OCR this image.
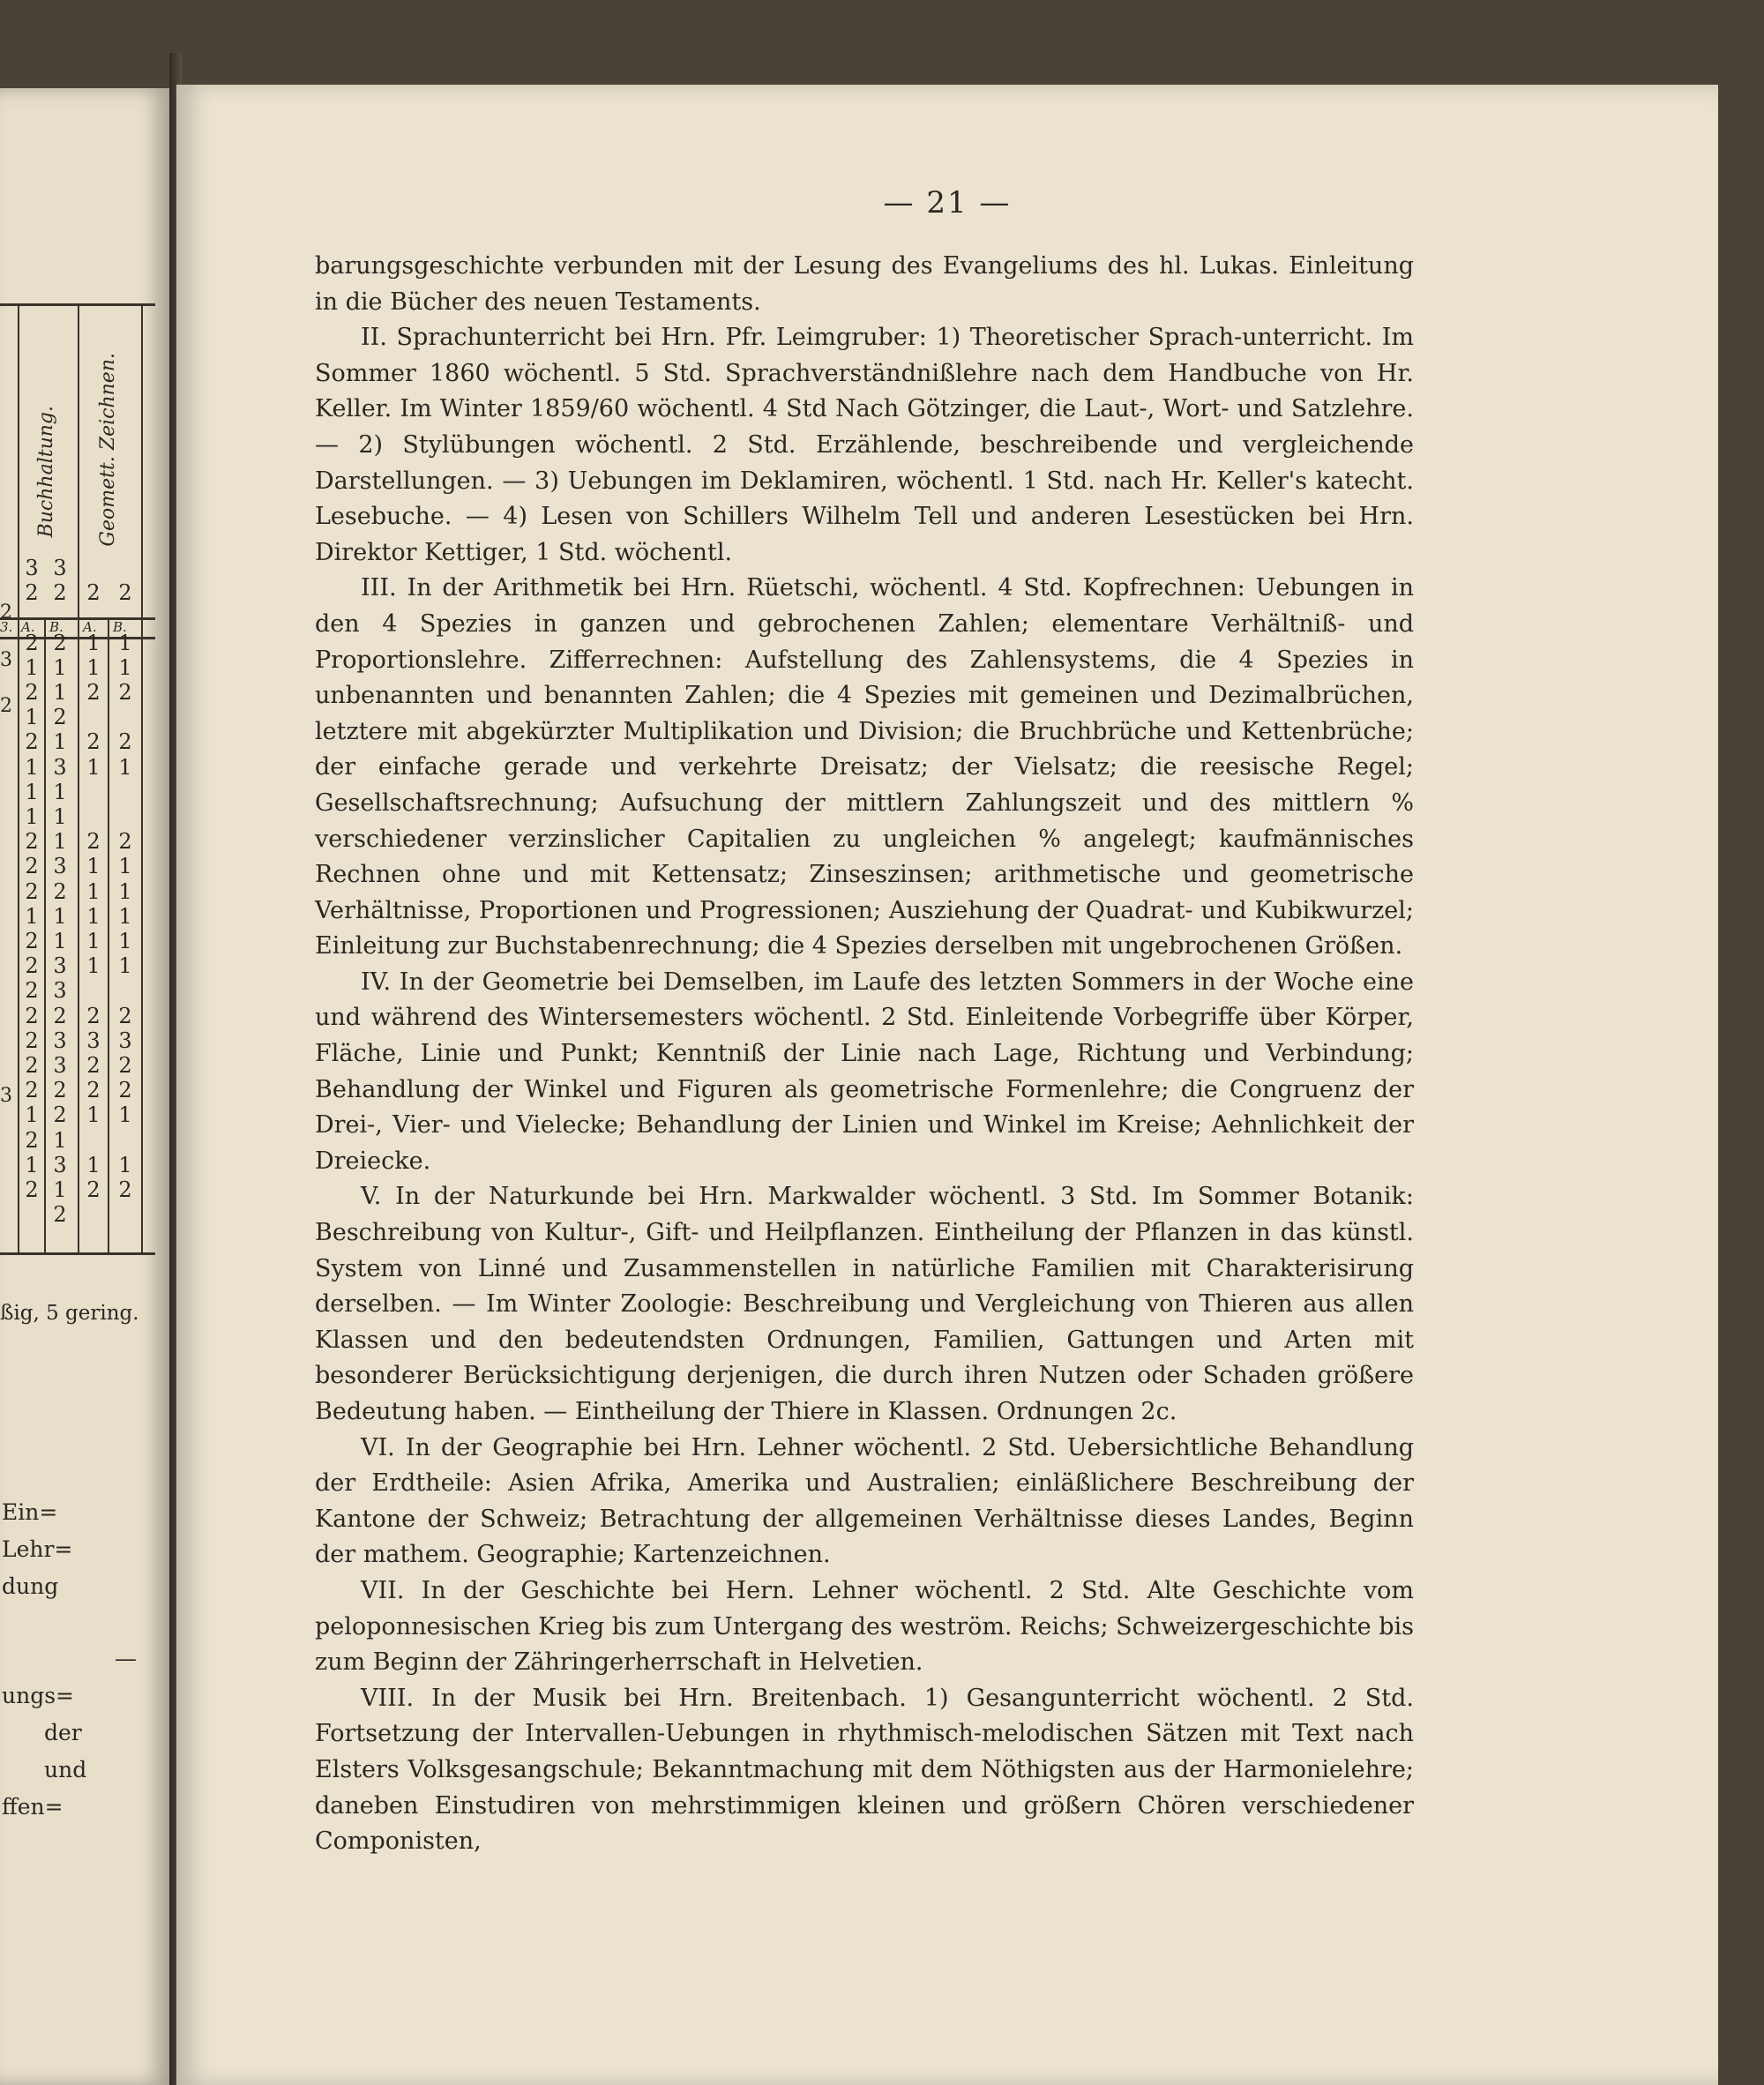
Buchhaltung. Geomett. Zeichnen.
3. A. B. A. B.
3
2

2
1
2
1
2
1
1
1
2
2
2
1
2
2
2
2
2
2
2
1
2
1
2
3
2

2
1
1
2
1
3
1
1
1
3
2
1
1
3
3
2
3
3
2
2
1
3
1
2

2

1
1
2

2
1

2
1
1
1
1
1

2
3
2
2
1

1
2

2

1
1
2

2
1

2
1
1
1
1
1

2
3
2
2
1

1
2
2
3
2
3
ßig, 5 gering.
Ein=
Lehr=
dung
—
ungs=
der
und
ffen=
— 21 —

barungsgeschichte verbunden mit der Lesung des Evangeliums des hl. Lukas. Einleitung in die Bücher des neuen Testaments.

II. Sprachunterricht bei Hrn. Pfr. Leimgruber: 1) Theoretischer Sprach-unterricht. Im Sommer 1860 wöchentl. 5 Std. Sprachverständnißlehre nach dem Handbuche von Hr. Keller. Im Winter 1859/60 wöchentl. 4 Std Nach Götzinger, die Laut-, Wort- und Satzlehre. — 2) Stylübungen wöchentl. 2 Std. Erzählende, beschreibende und vergleichende Darstellungen. — 3) Uebungen im Deklamiren, wöchentl. 1 Std. nach Hr. Keller's katecht. Lesebuche. — 4) Lesen von Schillers Wilhelm Tell und anderen Lesestücken bei Hrn. Direktor Kettiger, 1 Std. wöchentl.

III. In der Arithmetik bei Hrn. Rüetschi, wöchentl. 4 Std. Kopfrechnen: Uebungen in den 4 Spezies in ganzen und gebrochenen Zahlen; elementare Verhältniß- und Proportionslehre. Zifferrechnen: Aufstellung des Zahlensystems, die 4 Spezies in unbenannten und benannten Zahlen; die 4 Spezies mit gemeinen und Dezimalbrüchen, letztere mit abgekürzter Multiplikation und Division; die Bruchbrüche und Kettenbrüche; der einfache gerade und verkehrte Dreisatz; der Vielsatz; die reesische Regel; Gesellschaftsrechnung; Aufsuchung der mittlern Zahlungszeit und des mittlern % verschiedener verzinslicher Capitalien zu ungleichen % angelegt; kaufmännisches Rechnen ohne und mit Kettensatz; Zinseszinsen; arithmetische und geometrische Verhältnisse, Proportionen und Progressionen; Ausziehung der Quadrat- und Kubikwurzel; Einleitung zur Buchstabenrechnung; die 4 Spezies derselben mit ungebrochenen Größen.

IV. In der Geometrie bei Demselben, im Laufe des letzten Sommers in der Woche eine und während des Wintersemesters wöchentl. 2 Std. Einleitende Vorbegriffe über Körper, Fläche, Linie und Punkt; Kenntniß der Linie nach Lage, Richtung und Verbindung; Behandlung der Winkel und Figuren als geometrische Formenlehre; die Congruenz der Drei-, Vier- und Vielecke; Behandlung der Linien und Winkel im Kreise; Aehnlichkeit der Dreiecke.

V. In der Naturkunde bei Hrn. Markwalder wöchentl. 3 Std. Im Sommer Botanik: Beschreibung von Kultur-, Gift- und Heilpflanzen. Eintheilung der Pflanzen in das künstl. System von Linné und Zusammenstellen in natürliche Familien mit Charakterisirung derselben. — Im Winter Zoologie: Beschreibung und Vergleichung von Thieren aus allen Klassen und den bedeutendsten Ordnungen, Familien, Gattungen und Arten mit besonderer Berücksichtigung derjenigen, die durch ihren Nutzen oder Schaden größere Bedeutung haben. — Eintheilung der Thiere in Klassen. Ordnungen 2c.

VI. In der Geographie bei Hrn. Lehner wöchentl. 2 Std. Uebersichtliche Behandlung der Erdtheile: Asien Afrika, Amerika und Australien; einläßlichere Beschreibung der Kantone der Schweiz; Betrachtung der allgemeinen Verhältnisse dieses Landes, Beginn der mathem. Geographie; Kartenzeichnen.

VII. In der Geschichte bei Hern. Lehner wöchentl. 2 Std. Alte Geschichte vom peloponnesischen Krieg bis zum Untergang des weström. Reichs; Schweizergeschichte bis zum Beginn der Zähringerherrschaft in Helvetien.

VIII. In der Musik bei Hrn. Breitenbach. 1) Gesangunterricht wöchentl. 2 Std. Fortsetzung der Intervallen-Uebungen in rhythmisch-melodischen Sätzen mit Text nach Elsters Volksgesangschule; Bekanntmachung mit dem Nöthigsten aus der Harmonielehre; daneben Einstudiren von mehrstimmigen kleinen und größern Chören verschiedener Componisten,
